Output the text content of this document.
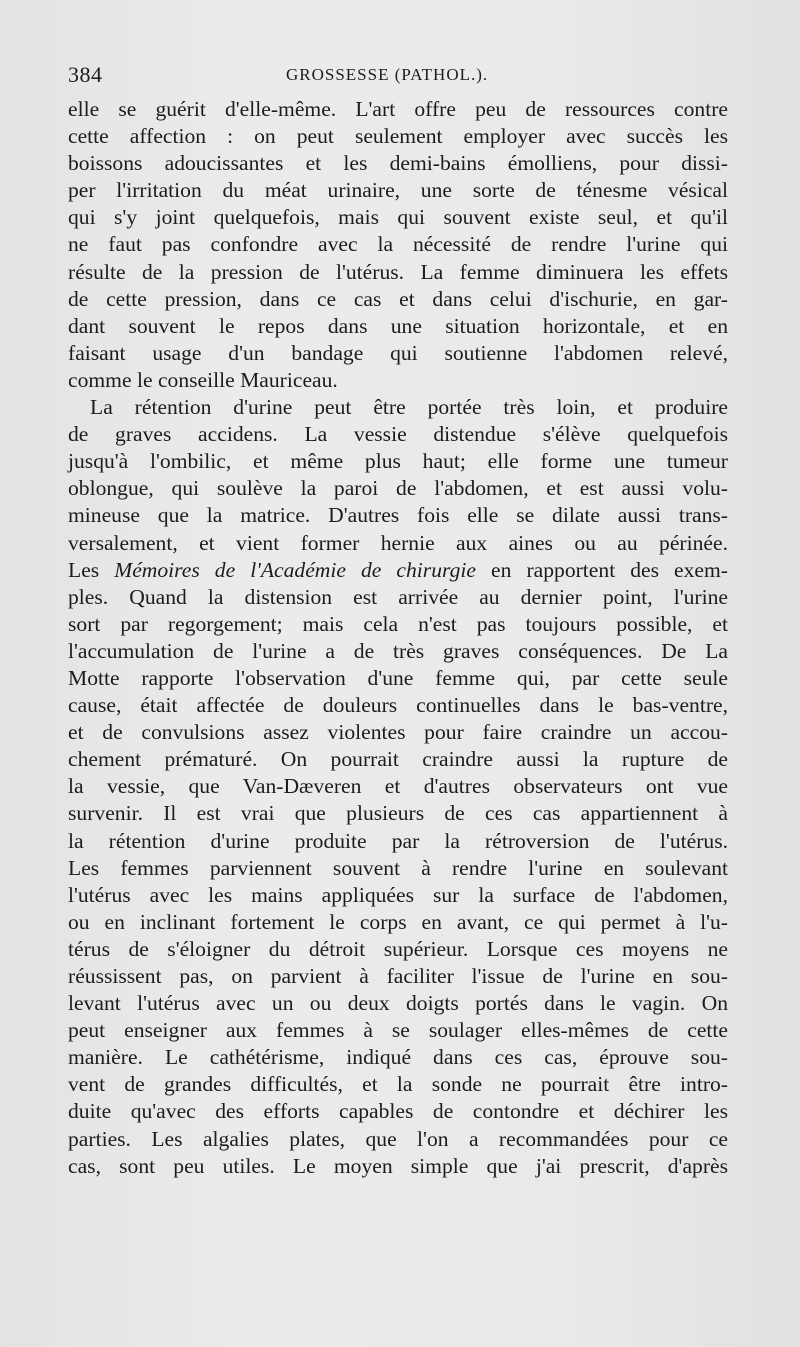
384	GROSSESSE (PATHOL.).
elle se guérit d'elle-même. L'art offre peu de ressources contre
cette affection : on peut seulement employer avec succès les
boissons adoucissantes et les demi-bains émolliens, pour dissi-
per l'irritation du méat urinaire, une sorte de ténesme vésical
qui s'y joint quelquefois, mais qui souvent existe seul, et qu'il
ne faut pas confondre avec la nécessité de rendre l'urine qui
résulte de la pression de l'utérus. La femme diminuera les effets
de cette pression, dans ce cas et dans celui d'ischurie, en gar-
dant souvent le repos dans une situation horizontale, et en
faisant usage d'un bandage qui soutienne l'abdomen relevé,
comme le conseille Mauriceau.
La rétention d'urine peut être portée très loin, et produire
de graves accidens. La vessie distendue s'élève quelquefois
jusqu'à l'ombilic, et même plus haut; elle forme une tumeur
oblongue, qui soulève la paroi de l'abdomen, et est aussi volu-
mineuse que la matrice. D'autres fois elle se dilate aussi trans-
versalement, et vient former hernie aux aines ou au périnée.
Les Mémoires de l'Académie de chirurgie en rapportent des exem-
ples. Quand la distension est arrivée au dernier point, l'urine
sort par regorgement; mais cela n'est pas toujours possible, et
l'accumulation de l'urine a de très graves conséquences. De La
Motte rapporte l'observation d'une femme qui, par cette seule
cause, était affectée de douleurs continuelles dans le bas-ventre,
et de convulsions assez violentes pour faire craindre un accou-
chement prématuré. On pourrait craindre aussi la rupture de
la vessie, que Van-Dæveren et d'autres observateurs ont vue
survenir. Il est vrai que plusieurs de ces cas appartiennent à
la rétention d'urine produite par la rétroversion de l'utérus.
Les femmes parviennent souvent à rendre l'urine en soulevant
l'utérus avec les mains appliquées sur la surface de l'abdomen,
ou en inclinant fortement le corps en avant, ce qui permet à l'u-
térus de s'éloigner du détroit supérieur. Lorsque ces moyens ne
réussissent pas, on parvient à faciliter l'issue de l'urine en sou-
levant l'utérus avec un ou deux doigts portés dans le vagin. On
peut enseigner aux femmes à se soulager elles-mêmes de cette
manière. Le cathétérisme, indiqué dans ces cas, éprouve sou-
vent de grandes difficultés, et la sonde ne pourrait être intro-
duite qu'avec des efforts capables de contondre et déchirer les
parties. Les algalies plates, que l'on a recommandées pour ce
cas, sont peu utiles. Le moyen simple que j'ai prescrit, d'après
